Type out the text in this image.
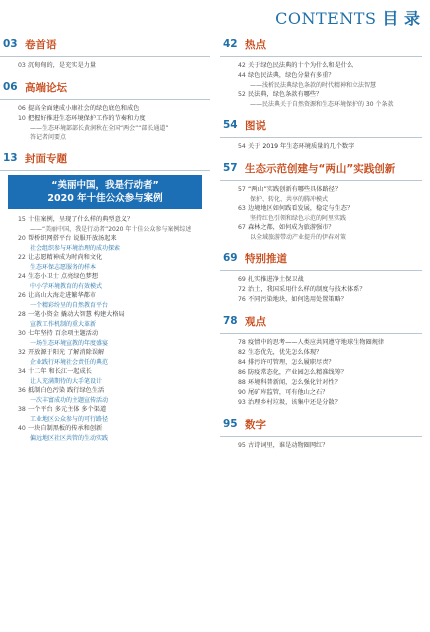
CONTENTS 目 录
03 卷首语
03 沉甸甸的，是充实是力量
06 高端论坛
06 提高全面建成小康社会的绿色底色和成色
10 把握好推进生态环境保护工作的节奏和力度
——生态环境部部长黄润秋在全国“两会”“部长通道”
答记者问要点
13 封面专题
“美丽中国，我是行动者”
2020 年十佳公众参与案例
15 十佳案例，呈现了什么样的典型意义？
——“美丽中国，我是行动者”2020 年十佳公众参与案例综述
20 帮桥织网搭平台 说服开放汤起来
社会组织参与环境治理的成功探索
22 让志愿精神成为时尚和文化
生态环保志愿服务的样本
24 生态小卫士 点亮绿色梦想
中小学环境教育的有效模式
26 让高山大海走进繁华都市
一个精彩纷呈的自然教育平台
28 一笔小资金 撬动大智慧 构建大格局
宣教工作机制的重大革新
30 七年坚持 百余项主题活动
一场生态环境宣教的年度盛宴
32 开放源于阳光 了解消除误解
企业践行环境社会责任的典范
34 十二年 和长江一起成长
让人充满期待的大手笔设计
36 抵制白色污染 践行绿色生活
一次丰富成功的主题宣传活动
38 一个平台 多元主体 多个渠道
工业地区公众参与的可行路径
40 一块自制黑板的传承和创新
偏远地区社区共管的生动实践
42 热点
42 关于绿色民法典的十个为什么和是什么
44 绿色民法典，绿色分量有多重？
——浅析民法典绿色条款的时代精神和立法智慧
52 民法典，绿色条款有哪些？
——民法典关于自然资源和生态环境保护的 30 个条款
54 图说
54 关于 2019 年生态环境质量的几个数字
57 生态示范创建与“两山”实践创新
57 “两山”实践创新有哪些具体路径？
保护、转化、共享的腾冲模式
63 边境地区如何践看发展，稳定与生态？
坚持红色引领和绿色示范的阿里实践
67 森林之都，如何成为旅游强市？
以全域旅游带动产业提升的伊春对策
69 特别推道
69 扎实推进净土保卫战
72 治土，我国采用什么样的制度与技术体系？
76 不同污染地块，如何选用处置策略？
78 观点
78 疫情中的思考——人类应共同遵守地球生物圈规律
82 生态优先，优先怎么体现？
84 排污许可管理，怎么履职尽责？
86 防疫常态化，产业园怎么精准线筹？
88 环境科普新闻，怎么强化针对性？
90 尾矿库监管，可有他山之石？
93 治理乡村垃圾，该集中还是分散？
95 数字
95 古诗词里，谁是动物圈网红？
